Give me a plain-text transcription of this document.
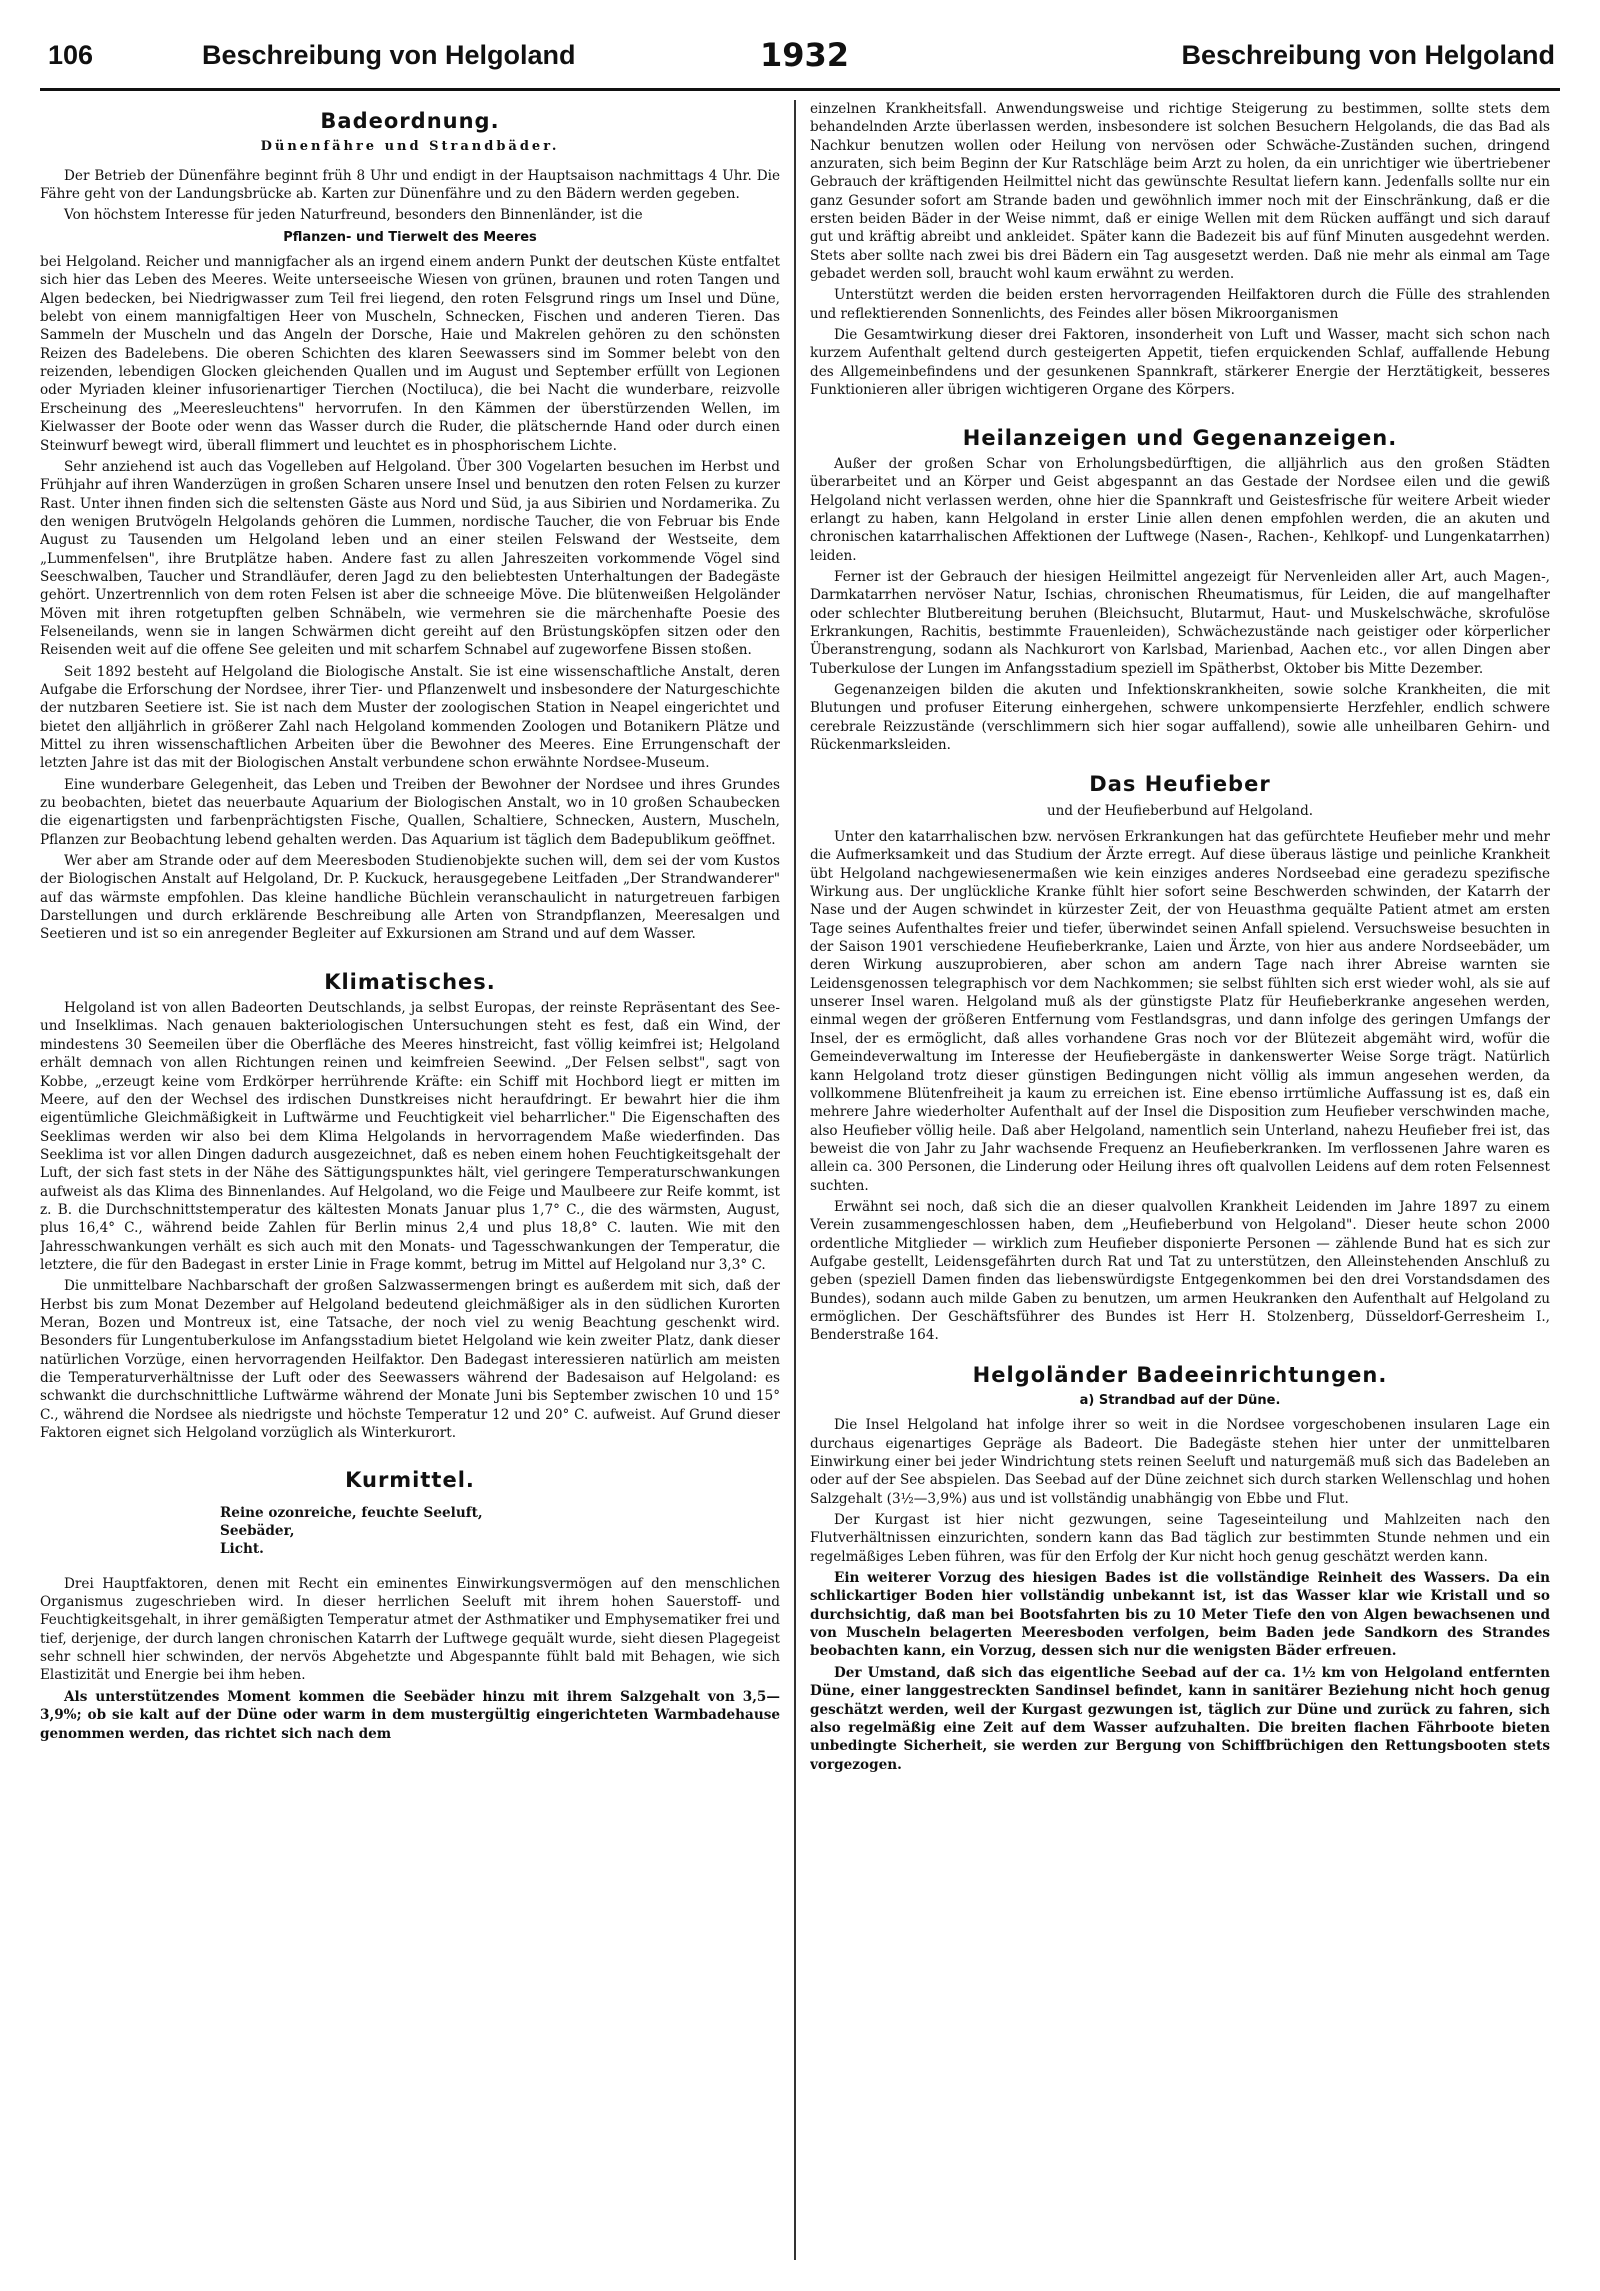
106	Beschreibung von Helgoland	1932	Beschreibung von Helgoland
Badeordnung.
Dünenfähre und Strandbäder.

Der Betrieb der Dünenfähre beginnt früh 8 Uhr und endigt in der Hauptsaison nachmittags 4 Uhr. Die Fähre geht von der Landungsbrücke ab. Karten zur Dünenfähre und zu den Bädern werden gegeben.

Von höchstem Interesse für jeden Naturfreund, besonders den Binnenländer, ist die

Pflanzen- und Tierwelt des Meeres

bei Helgoland. Reicher und mannigfacher als an irgend einem andern Punkt der deutschen Küste entfaltet sich hier das Leben des Meeres. Weite unterseeische Wiesen von grünen, braunen und roten Tangen und Algen bedecken, bei Niedrigwasser zum Teil frei liegend, den roten Felsgrund rings um Insel und Düne, belebt von einem mannigfaltigen Heer von Muscheln, Schnecken, Fischen und anderen Tieren. Das Sammeln der Muscheln und das Angeln der Dorsche, Haie und Makrelen gehören zu den schönsten Reizen des Badelebens. Die oberen Schichten des klaren Seewassers sind im Sommer belebt von den reizenden, lebendigen Glocken gleichenden Quallen und im August und September erfüllt von Legionen oder Myriaden kleiner infusorienartiger Tierchen (Noctiluca), die bei Nacht die wunderbare, reizvolle Erscheinung des „Meeresleuchtens" hervorrufen. In den Kämmen der überstürzenden Wellen, im Kielwasser der Boote oder wenn das Wasser durch die Ruder, die plätschernde Hand oder durch einen Steinwurf bewegt wird, überall flimmert und leuchtet es in phosphorischem Lichte.

Sehr anziehend ist auch das Vogelleben auf Helgoland. Über 300 Vogelarten besuchen im Herbst und Frühjahr auf ihren Wanderzügen in großen Scharen unsere Insel und benutzen den roten Felsen zu kurzer Rast. Unter ihnen finden sich die seltensten Gäste aus Nord und Süd, ja aus Sibirien und Nordamerika. Zu den wenigen Brutvögeln Helgolands gehören die Lummen, nordische Taucher, die von Februar bis Ende August zu Tausenden um Helgoland leben und an einer steilen Felswand der Westseite, dem „Lummenfelsen", ihre Brutplätze haben. Andere fast zu allen Jahreszeiten vorkommende Vögel sind Seeschwalben, Taucher und Strandläufer, deren Jagd zu den beliebtesten Unterhaltungen der Badegäste gehört. Unzertrennlich von dem roten Felsen ist aber die schneeige Möve. Die blütenweißen Helgoländer Möven mit ihren rotgetupften gelben Schnäbeln, wie vermehren sie die märchenhafte Poesie des Felseneilands, wenn sie in langen Schwärmen dicht gereiht auf den Brüstungsköpfen sitzen oder den Reisenden weit auf die offene See geleiten und mit scharfem Schnabel auf zugeworfene Bissen stoßen.

Seit 1892 besteht auf Helgoland die Biologische Anstalt. Sie ist eine wissenschaftliche Anstalt, deren Aufgabe die Erforschung der Nordsee, ihrer Tier- und Pflanzenwelt und insbesondere der Naturgeschichte der nutzbaren Seetiere ist. Sie ist nach dem Muster der zoologischen Station in Neapel eingerichtet und bietet den alljährlich in größerer Zahl nach Helgoland kommenden Zoologen und Botanikern Plätze und Mittel zu ihren wissenschaftlichen Arbeiten über die Bewohner des Meeres. Eine Errungenschaft der letzten Jahre ist das mit der Biologischen Anstalt verbundene schon erwähnte Nordsee-Museum.

Eine wunderbare Gelegenheit, das Leben und Treiben der Bewohner der Nordsee und ihres Grundes zu beobachten, bietet das neuerbaute Aquarium der Biologischen Anstalt, wo in 10 großen Schaubecken die eigenartigsten und farbenprächtigsten Fische, Quallen, Schaltiere, Schnecken, Austern, Muscheln, Pflanzen zur Beobachtung lebend gehalten werden. Das Aquarium ist täglich dem Badepublikum geöffnet.

Wer aber am Strande oder auf dem Meeresboden Studienobjekte suchen will, dem sei der vom Kustos der Biologischen Anstalt auf Helgoland, Dr. P. Kuckuck, herausgegebene Leitfaden „Der Strandwanderer" auf das wärmste empfohlen. Das kleine handliche Büchlein veranschaulicht in naturgetreuen farbigen Darstellungen und durch erklärende Beschreibung alle Arten von Strandpflanzen, Meeresalgen und Seetieren und ist so ein anregender Begleiter auf Exkursionen am Strand und auf dem Wasser.

Klimatisches.

Helgoland ist von allen Badeorten Deutschlands, ja selbst Europas, der reinste Repräsentant des See- und Inselklimas. Nach genauen bakteriologischen Untersuchungen steht es fest, daß ein Wind, der mindestens 30 Seemeilen über die Oberfläche des Meeres hinstreicht, fast völlig keimfrei ist; Helgoland erhält demnach von allen Richtungen reinen und keimfreien Seewind. „Der Felsen selbst", sagt von Kobbe, „erzeugt keine vom Erdkörper herrührende Kräfte: ein Schiff mit Hochbord liegt er mitten im Meere, auf den der Wechsel des irdischen Dunstkreises nicht heraufdringt. Er bewahrt hier die ihm eigentümliche Gleichmäßigkeit in Luftwärme und Feuchtigkeit viel beharrlicher." Die Eigenschaften des Seeklimas werden wir also bei dem Klima Helgolands in hervorragendem Maße wiederfinden. Das Seeklima ist vor allen Dingen dadurch ausgezeichnet, daß es neben einem hohen Feuchtigkeitsgehalt der Luft, der sich fast stets in der Nähe des Sättigungspunktes hält, viel geringere Temperaturschwankungen aufweist als das Klima des Binnenlandes. Auf Helgoland, wo die Feige und Maulbeere zur Reife kommt, ist z. B. die Durchschnittstemperatur des kältesten Monats Januar plus 1,7° C., die des wärmsten, August, plus 16,4° C., während beide Zahlen für Berlin minus 2,4 und plus 18,8° C. lauten. Wie mit den Jahresschwankungen verhält es sich auch mit den Monats- und Tagesschwankungen der Temperatur, die letztere, die für den Badegast in erster Linie in Frage kommt, betrug im Mittel auf Helgoland nur 3,3° C.

Die unmittelbare Nachbarschaft der großen Salzwassermengen bringt es außerdem mit sich, daß der Herbst bis zum Monat Dezember auf Helgoland bedeutend gleichmäßiger als in den südlichen Kurorten Meran, Bozen und Montreux ist, eine Tatsache, der noch viel zu wenig Beachtung geschenkt wird. Besonders für Lungentuberkulose im Anfangsstadium bietet Helgoland wie kein zweiter Platz, dank dieser natürlichen Vorzüge, einen hervorragenden Heilfaktor. Den Badegast interessieren natürlich am meisten die Temperaturverhältnisse der Luft oder des Seewassers während der Badesaison auf Helgoland: es schwankt die durchschnittliche Luftwärme während der Monate Juni bis September zwischen 10 und 15° C., während die Nordsee als niedrigste und höchste Temperatur 12 und 20° C. aufweist. Auf Grund dieser Faktoren eignet sich Helgoland vorzüglich als Winterkurort.

Kurmittel.
Reine ozonreiche, feuchte Seeluft,
Seebäder,
Licht.

Drei Hauptfaktoren, denen mit Recht ein eminentes Einwirkungsvermögen auf den menschlichen Organismus zugeschrieben wird. In dieser herrlichen Seeluft mit ihrem hohen Sauerstoff- und Feuchtigkeitsgehalt, in ihrer gemäßigten Temperatur atmet der Asthmatiker und Emphysematiker frei und tief, derjenige, der durch langen chronischen Katarrh der Luftwege gequält wurde, sieht diesen Plagegeist sehr schnell hier schwinden, der nervös Abgehetzte und Abgespannte fühlt bald mit Behagen, wie sich Elastizität und Energie bei ihm heben.

Als unterstützendes Moment kommen die Seebäder hinzu mit ihrem Salzgehalt von 3,5—3,9%; ob sie kalt auf der Düne oder warm in dem mustergültig eingerichteten Warmbadehause genommen werden, das richtet sich nach dem

einzelnen Krankheitsfall. Anwendungsweise und richtige Steigerung zu bestimmen, sollte stets dem behandelnden Arzte überlassen werden, insbesondere ist solchen Besuchern Helgolands, die das Bad als Nachkur benutzen wollen oder Heilung von nervösen oder Schwäche-Zuständen suchen, dringend anzuraten, sich beim Beginn der Kur Ratschläge beim Arzt zu holen, da ein unrichtiger wie übertriebener Gebrauch der kräftigenden Heilmittel nicht das gewünschte Resultat liefern kann. Jedenfalls sollte nur ein ganz Gesunder sofort am Strande baden und gewöhnlich immer noch mit der Einschränkung, daß er die ersten beiden Bäder in der Weise nimmt, daß er einige Wellen mit dem Rücken auffängt und sich darauf gut und kräftig abreibt und ankleidet. Später kann die Badezeit bis auf fünf Minuten ausgedehnt werden. Stets aber sollte nach zwei bis drei Bädern ein Tag ausgesetzt werden. Daß nie mehr als einmal am Tage gebadet werden soll, braucht wohl kaum erwähnt zu werden.

Unterstützt werden die beiden ersten hervorragenden Heilfaktoren durch die Fülle des strahlenden und reflektierenden Sonnenlichts, des Feindes aller bösen Mikroorganismen

Die Gesamtwirkung dieser drei Faktoren, insonderheit von Luft und Wasser, macht sich schon nach kurzem Aufenthalt geltend durch gesteigerten Appetit, tiefen erquickenden Schlaf, auffallende Hebung des Allgemeinbefindens und der gesunkenen Spannkraft, stärkerer Energie der Herztätigkeit, besseres Funktionieren aller übrigen wichtigeren Organe des Körpers.

Heilanzeigen und Gegenanzeigen.

Außer der großen Schar von Erholungsbedürftigen, die alljährlich aus den großen Städten überarbeitet und an Körper und Geist abgespannt an das Gestade der Nordsee eilen und die gewiß Helgoland nicht verlassen werden, ohne hier die Spannkraft und Geistesfrische für weitere Arbeit wieder erlangt zu haben, kann Helgoland in erster Linie allen denen empfohlen werden, die an akuten und chronischen katarrhalischen Affektionen der Luftwege (Nasen-, Rachen-, Kehlkopf- und Lungenkatarrhen) leiden.

Ferner ist der Gebrauch der hiesigen Heilmittel angezeigt für Nervenleiden aller Art, auch Magen-, Darmkatarrhen nervöser Natur, Ischias, chronischen Rheumatismus, für Leiden, die auf mangelhafter oder schlechter Blutbereitung beruhen (Bleichsucht, Blutarmut, Haut- und Muskelschwäche, skrofulöse Erkrankungen, Rachitis, bestimmte Frauenleiden), Schwächezustände nach geistiger oder körperlicher Überanstrengung, sodann als Nachkurort von Karlsbad, Marienbad, Aachen etc., vor allen Dingen aber Tuberkulose der Lungen im Anfangsstadium speziell im Spätherbst, Oktober bis Mitte Dezember.

Gegenanzeigen bilden die akuten und Infektionskrankheiten, sowie solche Krankheiten, die mit Blutungen und profuser Eiterung einhergehen, schwere unkompensierte Herzfehler, endlich schwere cerebrale Reizzustände (verschlimmern sich hier sogar auffallend), sowie alle unheilbaren Gehirn- und Rückenmarksleiden.

Das Heufieber
und der Heufieberbund auf Helgoland.

Unter den katarrhalischen bzw. nervösen Erkrankungen hat das gefürchtete Heufieber mehr und mehr die Aufmerksamkeit und das Studium der Ärzte erregt. Auf diese überaus lästige und peinliche Krankheit übt Helgoland nachgewiesenermaßen wie kein einziges anderes Nordseebad eine geradezu spezifische Wirkung aus. Der unglückliche Kranke fühlt hier sofort seine Beschwerden schwinden, der Katarrh der Nase und der Augen schwindet in kürzester Zeit, der von Heuasthma gequälte Patient atmet am ersten Tage seines Aufenthaltes freier und tiefer, überwindet seinen Anfall spielend. Versuchsweise besuchten in der Saison 1901 verschiedene Heufieberkranke, Laien und Ärzte, von hier aus andere Nordseebäder, um deren Wirkung auszuprobieren, aber schon am andern Tage nach ihrer Abreise warnten sie Leidensgenossen telegraphisch vor dem Nachkommen; sie selbst fühlten sich erst wieder wohl, als sie auf unserer Insel waren. Helgoland muß als der günstigste Platz für Heufieberkranke angesehen werden, einmal wegen der größeren Entfernung vom Festlandsgras, und dann infolge des geringen Umfangs der Insel, der es ermöglicht, daß alles vorhandene Gras noch vor der Blütezeit abgemäht wird, wofür die Gemeindeverwaltung im Interesse der Heufiebergäste in dankenswerter Weise Sorge trägt. Natürlich kann Helgoland trotz dieser günstigen Bedingungen nicht völlig als immun angesehen werden, da vollkommene Blütenfreiheit ja kaum zu erreichen ist. Eine ebenso irrtümliche Auffassung ist es, daß ein mehrere Jahre wiederholter Aufenthalt auf der Insel die Disposition zum Heufieber verschwinden mache, also Heufieber völlig heile. Daß aber Helgoland, namentlich sein Unterland, nahezu Heufieber frei ist, das beweist die von Jahr zu Jahr wachsende Frequenz an Heufieberkranken. Im verflossenen Jahre waren es allein ca. 300 Personen, die Linderung oder Heilung ihres oft qualvollen Leidens auf dem roten Felsennest suchten.

Erwähnt sei noch, daß sich die an dieser qualvollen Krankheit Leidenden im Jahre 1897 zu einem Verein zusammengeschlossen haben, dem „Heufieberbund von Helgoland". Dieser heute schon 2000 ordentliche Mitglieder — wirklich zum Heufieber disponierte Personen — zählende Bund hat es sich zur Aufgabe gestellt, Leidensgefährten durch Rat und Tat zu unterstützen, den Alleinstehenden Anschluß zu geben (speziell Damen finden das liebenswürdigste Entgegenkommen bei den drei Vorstandsdamen des Bundes), sodann auch milde Gaben zu benutzen, um armen Heukranken den Aufenthalt auf Helgoland zu ermöglichen. Der Geschäftsführer des Bundes ist Herr H. Stolzenberg, Düsseldorf-Gerresheim I., Benderstraße 164.

Helgoländer Badeeinrichtungen.
a) Strandbad auf der Düne.

Die Insel Helgoland hat infolge ihrer so weit in die Nordsee vorgeschobenen insularen Lage ein durchaus eigenartiges Gepräge als Badeort. Die Badegäste stehen hier unter der unmittelbaren Einwirkung einer bei jeder Windrichtung stets reinen Seeluft und naturgemäß muß sich das Badeleben an oder auf der See abspielen. Das Seebad auf der Düne zeichnet sich durch starken Wellenschlag und hohen Salzgehalt (3½—3,9%) aus und ist vollständig unabhängig von Ebbe und Flut.

Der Kurgast ist hier nicht gezwungen, seine Tageseinteilung und Mahlzeiten nach den Flutverhältnissen einzurichten, sondern kann das Bad täglich zur bestimmten Stunde nehmen und ein regelmäßiges Leben führen, was für den Erfolg der Kur nicht hoch genug geschätzt werden kann.

Ein weiterer Vorzug des hiesigen Bades ist die vollständige Reinheit des Wassers. Da ein schlickartiger Boden hier vollständig unbekannt ist, ist das Wasser klar wie Kristall und so durchsichtig, daß man bei Bootsfahrten bis zu 10 Meter Tiefe den von Algen bewachsenen und von Muscheln belagerten Meeresboden verfolgen, beim Baden jede Sandkorn des Strandes beobachten kann, ein Vorzug, dessen sich nur die wenigsten Bäder erfreuen.

Der Umstand, daß sich das eigentliche Seebad auf der ca. 1½ km von Helgoland entfernten Düne, einer langgestreckten Sandinsel befindet, kann in sanitärer Beziehung nicht hoch genug geschätzt werden, weil der Kurgast gezwungen ist, täglich zur Düne und zurück zu fahren, sich also regelmäßig eine Zeit auf dem Wasser aufzuhalten. Die breiten flachen Fährboote bieten unbedingte Sicherheit, sie werden zur Bergung von Schiffbrüchigen den Rettungsbooten stets vorgezogen.
